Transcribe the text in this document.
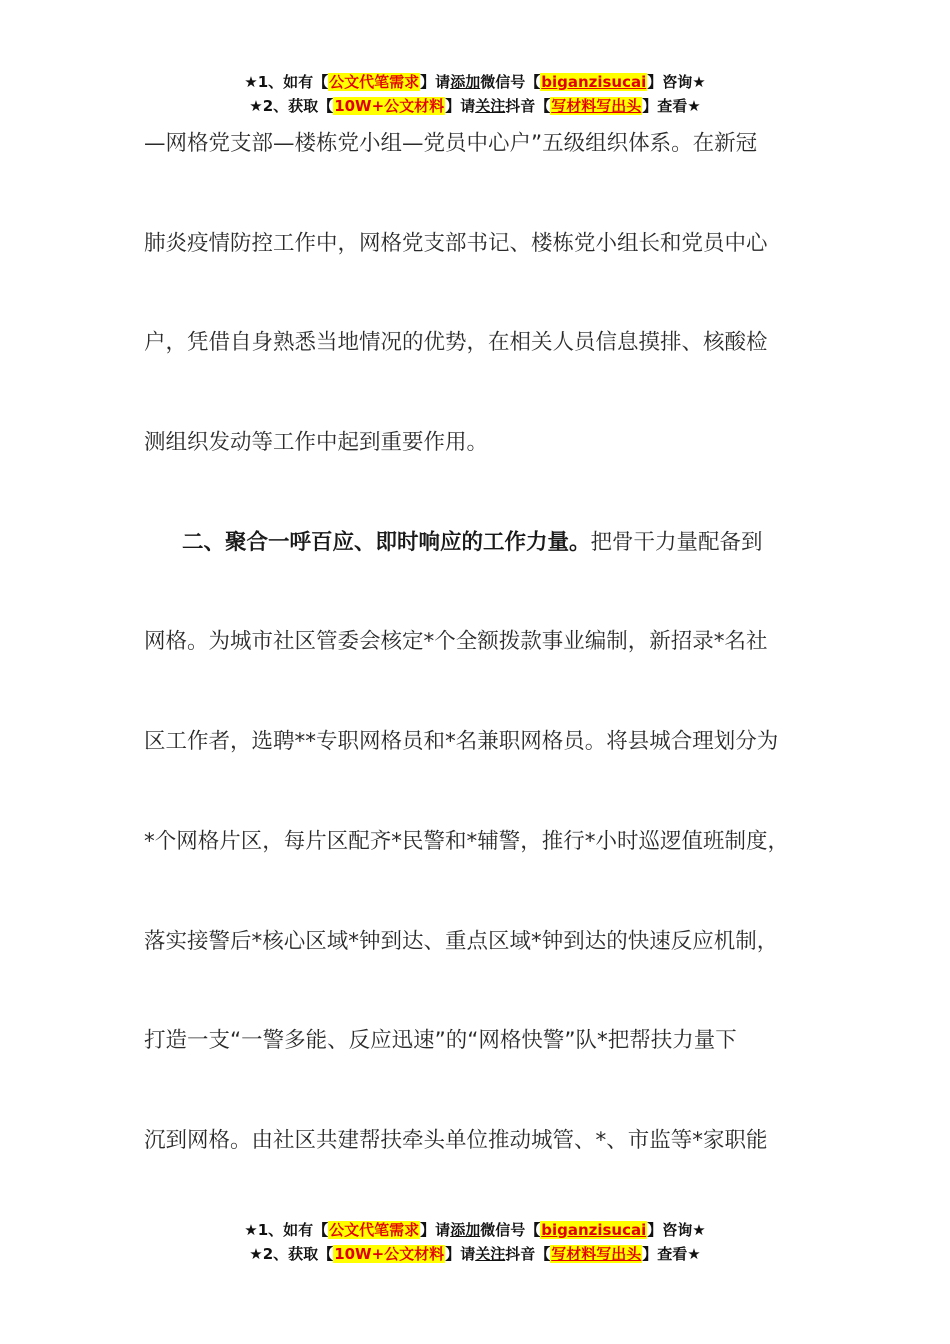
★1、如有【公文代笔需求】请添加微信号【biganzisucai】咨询★
★2、获取【10W+公文材料】请关注抖音【写材料写出头】查看★
—网格党支部—楼栋党小组—党员中心户”五级组织体系。在新冠
肺炎疫情防控工作中，网格党支部书记、楼栋党小组长和党员中心
户，凭借自身熟悉当地情况的优势，在相关人员信息摸排、核酸检
测组织发动等工作中起到重要作用。
二、聚合一呼百应、即时响应的工作力量。把骨干力量配备到
网格。为城市社区管委会核定*个全额拨款事业编制，新招录*名社
区工作者，选聘**专职网格员和*名兼职网格员。将县城合理划分为
*个网格片区，每片区配齐*民警和*辅警，推行*小时巡逻值班制度，
落实接警后*核心区域*钟到达、重点区域*钟到达的快速反应机制，
打造一支“一警多能、反应迅速”的“网格快警”队*把帮扶力量下
沉到网格。由社区共建帮扶牵头单位推动城管、*、市监等*家职能
★1、如有【公文代笔需求】请添加微信号【biganzisucai】咨询★
★2、获取【10W+公文材料】请关注抖音【写材料写出头】查看★
